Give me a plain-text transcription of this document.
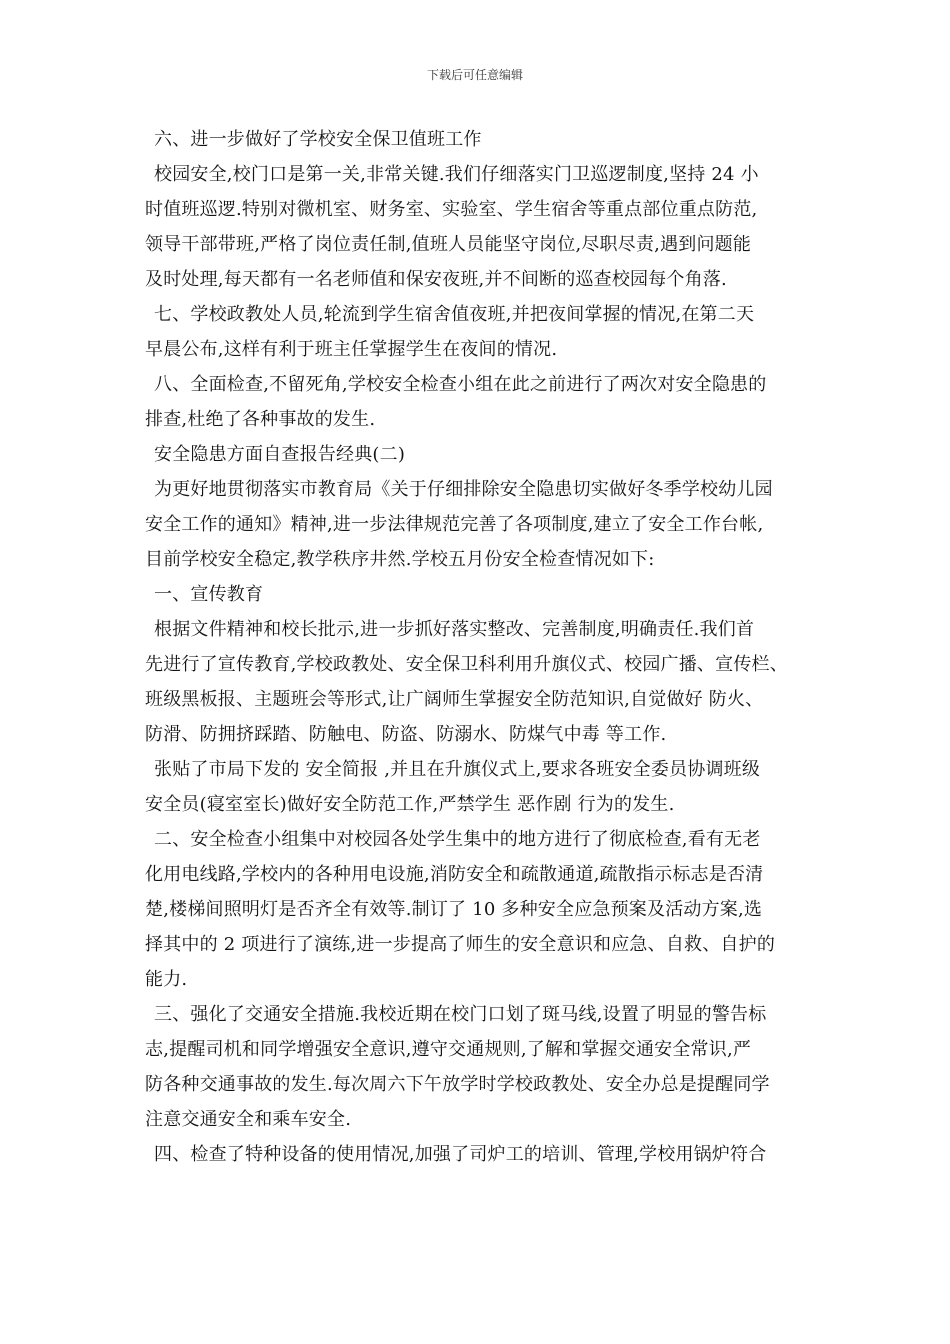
下载后可任意编辑
六、进一步做好了学校安全保卫值班工作
校园安全,校门口是第一关,非常关键.我们仔细落实门卫巡逻制度,坚持 24 小
时值班巡逻.特别对微机室、财务室、实验室、学生宿舍等重点部位重点防范,
领导干部带班,严格了岗位责任制,值班人员能坚守岗位,尽职尽责,遇到问题能
及时处理,每天都有一名老师值和保安夜班,并不间断的巡查校园每个角落.
七、学校政教处人员,轮流到学生宿舍值夜班,并把夜间掌握的情况,在第二天
早晨公布,这样有利于班主任掌握学生在夜间的情况.
八、全面检查,不留死角,学校安全检查小组在此之前进行了两次对安全隐患的
排查,杜绝了各种事故的发生.
安全隐患方面自查报告经典(二)
为更好地贯彻落实市教育局《关于仔细排除安全隐患切实做好冬季学校幼儿园
安全工作的通知》精神,进一步法律规范完善了各项制度,建立了安全工作台帐,
目前学校安全稳定,教学秩序井然.学校五月份安全检查情况如下:
一、宣传教育
根据文件精神和校长批示,进一步抓好落实整改、完善制度,明确责任.我们首
先进行了宣传教育,学校政教处、安全保卫科利用升旗仪式、校园广播、宣传栏、
班级黑板报、主题班会等形式,让广阔师生掌握安全防范知识,自觉做好 防火、
防滑、防拥挤踩踏、防触电、防盗、防溺水、防煤气中毒 等工作.
张贴了市局下发的 安全简报 ,并且在升旗仪式上,要求各班安全委员协调班级
安全员(寝室室长)做好安全防范工作,严禁学生 恶作剧 行为的发生.
二、安全检查小组集中对校园各处学生集中的地方进行了彻底检查,看有无老
化用电线路,学校内的各种用电设施,消防安全和疏散通道,疏散指示标志是否清
楚,楼梯间照明灯是否齐全有效等.制订了 10 多种安全应急预案及活动方案,选
择其中的 2 项进行了演练,进一步提高了师生的安全意识和应急、自救、自护的
能力.
三、强化了交通安全措施.我校近期在校门口划了斑马线,设置了明显的警告标
志,提醒司机和同学增强安全意识,遵守交通规则,了解和掌握交通安全常识,严
防各种交通事故的发生.每次周六下午放学时学校政教处、安全办总是提醒同学
注意交通安全和乘车安全.
四、检查了特种设备的使用情况,加强了司炉工的培训、管理,学校用锅炉符合
